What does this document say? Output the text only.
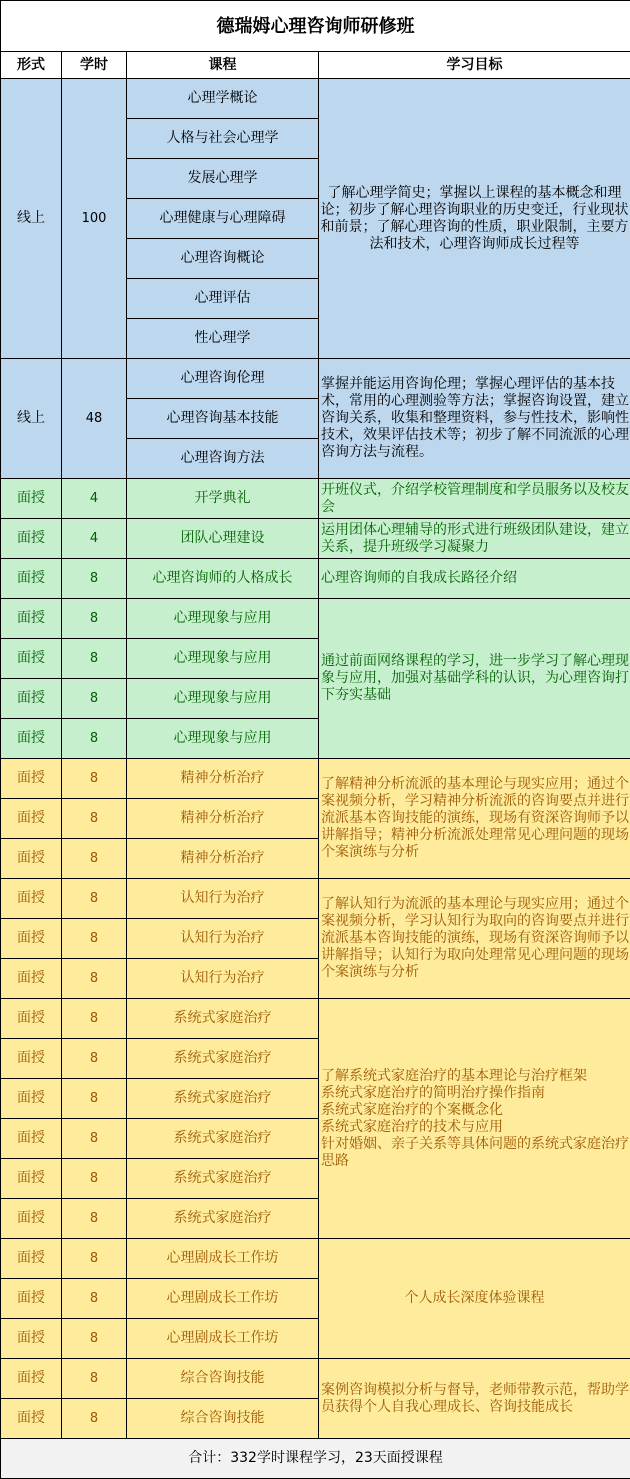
德瑞姆心理咨询师研修班			
形式	学时	课程	学习目标
线上	100	心理学概论	了解心理学简史；掌握以上课程的基本概念和理论；初步了解心理咨询职业的历史变迁，行业现状和前景；了解心理咨询的性质，职业限制，主要方法和技术，心理咨询师成长过程等
		人格与社会心理学	
		发展心理学	
		心理健康与心理障碍	
		心理咨询概论	
		心理评估	
		性心理学	
线上	48	心理咨询伦理	掌握并能运用咨询伦理；掌握心理评估的基本技术，常用的心理测验等方法；掌握咨询设置，建立咨询关系，收集和整理资料，参与性技术，影响性技术，效果评估技术等；初步了解不同流派的心理咨询方法与流程。
		心理咨询基本技能	
		心理咨询方法	
面授	4	开学典礼	开班仪式，介绍学校管理制度和学员服务以及校友会
面授	4	团队心理建设	运用团体心理辅导的形式进行班级团队建设，建立关系，提升班级学习凝聚力
面授	8	心理咨询师的人格成长	心理咨询师的自我成长路径介绍
面授	8	心理现象与应用	通过前面网络课程的学习，进一步学习了解心理现象与应用，加强对基础学科的认识，为心理咨询打下夯实基础
面授	8	心理现象与应用	
面授	8	心理现象与应用	
面授	8	心理现象与应用	
面授	8	精神分析治疗	了解精神分析流派的基本理论与现实应用；通过个案视频分析，学习精神分析流派的咨询要点并进行流派基本咨询技能的演练，现场有资深咨询师予以讲解指导；精神分析流派处理常见心理问题的现场个案演练与分析
面授	8	精神分析治疗	
面授	8	精神分析治疗	
面授	8	认知行为治疗	了解认知行为流派的基本理论与现实应用；通过个案视频分析，学习认知行为取向的咨询要点并进行流派基本咨询技能的演练，现场有资深咨询师予以讲解指导；认知行为取向处理常见心理问题的现场个案演练与分析
面授	8	认知行为治疗	
面授	8	认知行为治疗	
面授	8	系统式家庭治疗	了解系统式家庭治疗的基本理论与治疗框架
系统式家庭治疗的简明治疗操作指南
系统式家庭治疗的个案概念化
系统式家庭治疗的技术与应用
针对婚姻、亲子关系等具体问题的系统式家庭治疗思路

面授	8	系统式家庭治疗	
面授	8	系统式家庭治疗	
面授	8	系统式家庭治疗	
面授	8	系统式家庭治疗	
面授	8	系统式家庭治疗	
面授	8	心理剧成长工作坊	个人成长深度体验课程
面授	8	心理剧成长工作坊	
面授	8	心理剧成长工作坊	
面授	8	综合咨询技能	案例咨询模拟分析与督导，老师带教示范，帮助学员获得个人自我心理成长、咨询技能成长
面授	8	综合咨询技能	
合计：332学时课程学习，23天面授课程			
